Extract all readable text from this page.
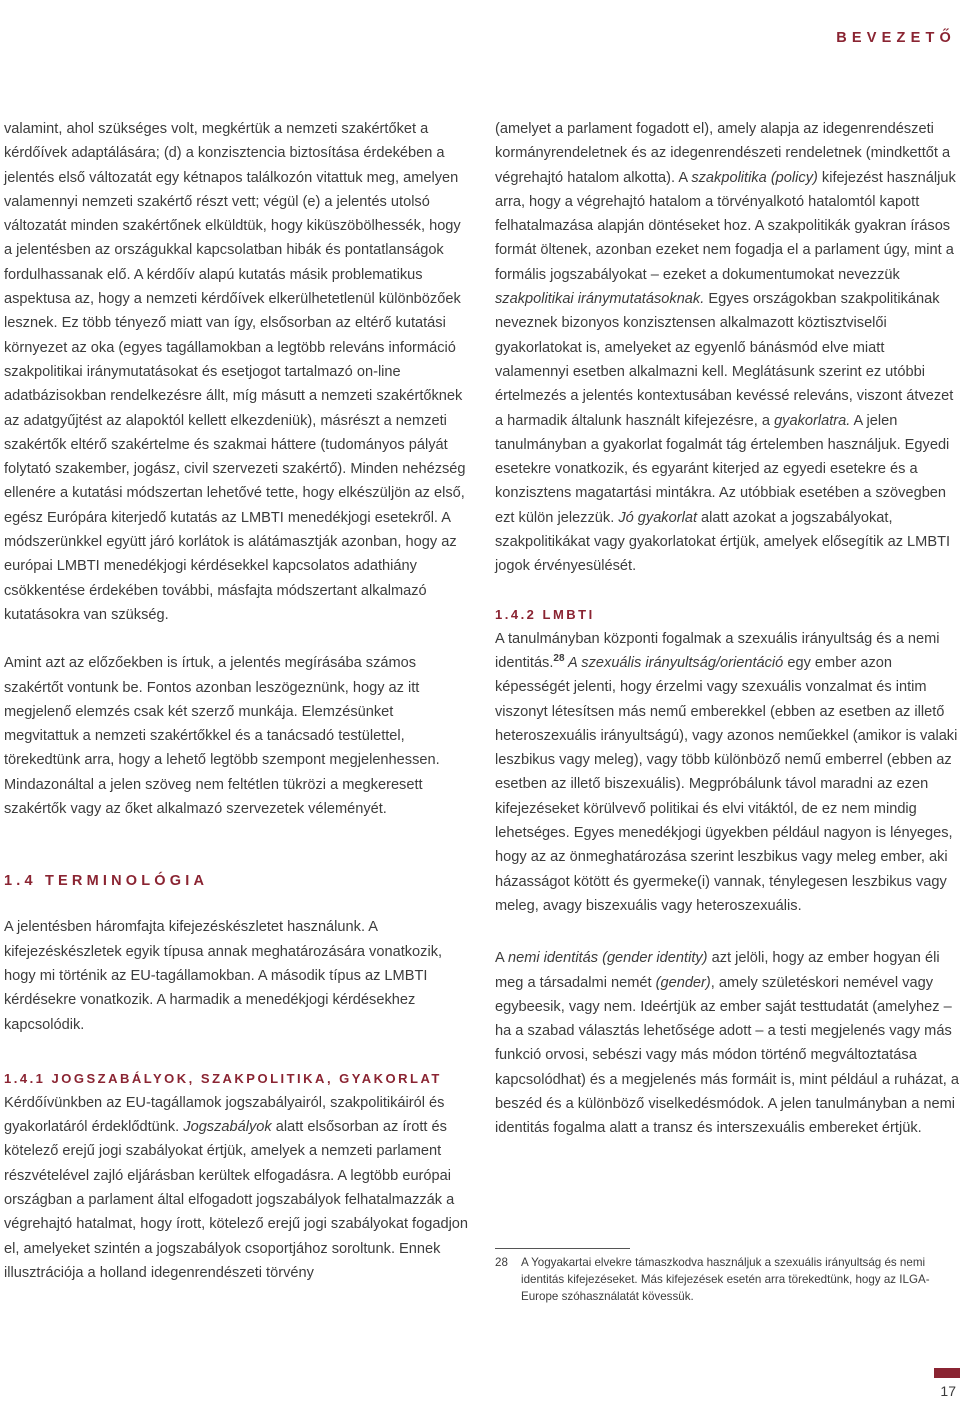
BEVEZETŐ

valamint, ahol szükséges volt, megkértük a nemzeti szakértőket a kérdőívek adaptálására; (d) a konzisztencia biztosítása érdekében a jelentés első változatát egy kétnapos találkozón vitattuk meg, amelyen valamennyi nemzeti szakértő részt vett; végül (e) a jelentés utolsó változatát minden szakértőnek elküldtük, hogy kiküszöbölhessék, hogy a jelentésben az országukkal kapcsolatban hibák és pontatlanságok fordulhassanak elő. A kérdőív alapú kutatás másik problematikus aspektusa az, hogy a nemzeti kérdőívek elkerülhetetlenül különbözőek lesznek. Ez több tényező miatt van így, elsősorban az eltérő kutatási környezet az oka (egyes tagállamokban a legtöbb releváns információ szakpolitikai iránymutatásokat és esetjogot tartalmazó on-line adatbázisokban rendelkezésre állt, míg másutt a nemzeti szakértőknek az adatgyűjtést az alapoktól kellett elkezdeniük), másrészt a nemzeti szakértők eltérő szakértelme és szakmai háttere (tudományos pályát folytató szakember, jogász, civil szervezeti szakértő). Minden nehézség ellenére a kutatási módszertan lehetővé tette, hogy elkészüljön az első, egész Európára kiterjedő kutatás az LMBTI menedékjogi esetekről. A módszerünkkel együtt járó korlátok is alátámasztják azonban, hogy az európai LMBTI menedékjogi kérdésekkel kapcsolatos adathiány csökkentése érdekében további, másfajta módszertant alkalmazó kutatásokra van szükség.

Amint azt az előzőekben is írtuk, a jelentés megírásába számos szakértőt vontunk be. Fontos azonban leszögeznünk, hogy az itt megjelenő elemzés csak két szerző munkája. Elemzésünket megvitattuk a nemzeti szakértőkkel és a tanácsadó testülettel, törekedtünk arra, hogy a lehető legtöbb szempont megjelenhessen. Mindazonáltal a jelen szöveg nem feltétlen tükrözi a megkeresett szakértők vagy az őket alkalmazó szervezetek véleményét.

1.4 TERMINOLÓGIA

A jelentésben háromfajta kifejezéskészletet használunk. A kifejezéskészletek egyik típusa annak meghatározására vonatkozik, hogy mi történik az EU-tagállamokban. A második típus az LMBTI kérdésekre vonatkozik. A harmadik a menedékjogi kérdésekhez kapcsolódik.

1.4.1 JOGSZABÁLYOK, SZAKPOLITIKA, GYAKORLAT

Kérdőívünkben az EU-tagállamok jogszabályairól, szakpolitikáiról és gyakorlatáról érdeklődtünk. Jogszabályok alatt elsősorban az írott és kötelező erejű jogi szabályokat értjük, amelyek a nemzeti parlament részvételével zajló eljárásban kerültek elfogadásra. A legtöbb európai országban a parlament által elfogadott jogszabályok felhatalmazzák a végrehajtó hatalmat, hogy írott, kötelező erejű jogi szabályokat fogadjon el, amelyeket szintén a jogszabályok csoportjához soroltunk. Ennek illusztrációja a holland idegenrendészeti törvény

(amelyet a parlament fogadott el), amely alapja az idegenrendészeti kormányrendeletnek és az idegenrendészeti rendeletnek (mindkettőt a végrehajtó hatalom alkotta). A szakpolitika (policy) kifejezést használjuk arra, hogy a végrehajtó hatalom a törvényalkotó hatalomtól kapott felhatalmazása alapján döntéseket hoz. A szakpolitikák gyakran írásos formát öltenek, azonban ezeket nem fogadja el a parlament úgy, mint a formális jogszabályokat – ezeket a dokumentumokat nevezzük szakpolitikai iránymutatásoknak. Egyes országokban szakpolitikának neveznek bizonyos konzisztensen alkalmazott köztisztviselői gyakorlatokat is, amelyeket az egyenlő bánásmód elve miatt valamennyi esetben alkalmazni kell. Meglátásunk szerint ez utóbbi értelmezés a jelentés kontextusában kevéssé releváns, viszont átvezet a harmadik általunk használt kifejezésre, a gyakorlatra. A jelen tanulmányban a gyakorlat fogalmát tág értelemben használjuk. Egyedi esetekre vonatkozik, és egyaránt kiterjed az egyedi esetekre és a konzisztens magatartási mintákra. Az utóbbiak esetében a szövegben ezt külön jelezzük. Jó gyakorlat alatt azokat a jogszabályokat, szakpolitikákat vagy gyakorlatokat értjük, amelyek elősegítik az LMBTI jogok érvényesülését.

1.4.2 LMBTI

A tanulmányban központi fogalmak a szexuális irányultság és a nemi identitás.$^{28}$ A szexuális irányultság/orientáció egy ember azon képességét jelenti, hogy érzelmi vagy szexuális vonzalmat és intim viszonyt létesítsen más nemű emberekkel (ebben az esetben az illető heteroszexuális irányultságú), vagy azonos neműekkel (amikor is valaki leszbikus vagy meleg), vagy több különböző nemű emberrel (ebben az esetben az illető biszexuális). Megpróbálunk távol maradni az ezen kifejezéseket körülvevő politikai és elvi vitáktól, de ez nem mindig lehetséges. Egyes menedékjogi ügyekben például nagyon is lényeges, hogy az az önmeghatározása szerint leszbikus vagy meleg ember, aki házasságot kötött és gyermeke(i) vannak, ténylegesen leszbikus vagy meleg, avagy biszexuális vagy heteroszexuális.

A nemi identitás (gender identity) azt jelöli, hogy az ember hogyan éli meg a társadalmi nemét (gender), amely születéskori nemével vagy egybeesik, vagy nem. Ideértjük az ember saját testtudatát (amelyhez – ha a szabad választás lehetősége adott – a testi megjelenés vagy más funkció orvosi, sebészi vagy más módon történő megváltoztatása kapcsolódhat) és a megjelenés más formáit is, mint például a ruházat, a beszéd és a különböző viselkedésmódok. A jelen tanulmányban a nemi identitás fogalma alatt a transz és interszexuális embereket értjük.

28 A Yogyakartai elvekre támaszkodva használjuk a szexuális irányultság és nemi identitás kifejezéseket. Más kifejezések esetén arra törekedtünk, hogy az ILGA-Europe szóhasználatát kövessük.
17
